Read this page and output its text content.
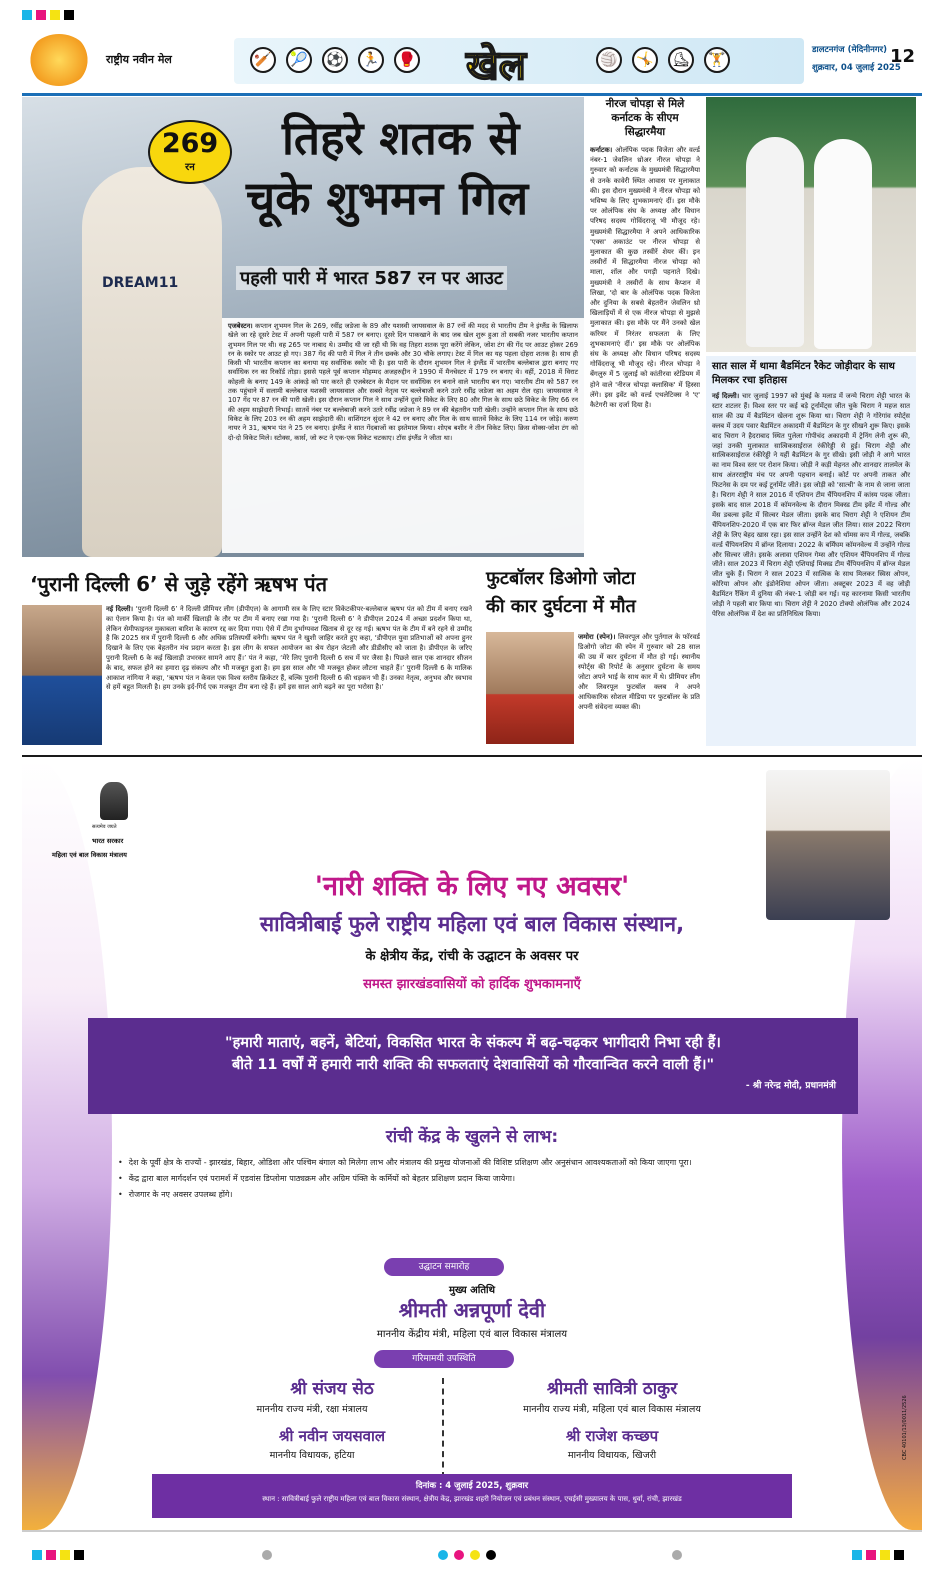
राष्ट्रीय नवीन मेल	🏏	🎾	⚽	🏃	🥊 खेल	🏐	🤸	⛸	🏋
डालटनगंज (मेदिनीनगर)
शुक्रवार, 04 जुलाई 2025
12
DREAM11
269
रन
तिहरे शतक से
चूके शुभमन गिल
पहली पारी में भारत 587 रन पर आउट

एजबेस्टन। कप्तान शुभमन गिल के 269, रवींद्र जडेजा के 89 और यशस्वी जायसवाल के 87 रनों की मदद से भारतीय टीम ने इंग्लैंड के खिलाफ खेले जा रहे दूसरे टेस्ट में अपनी पहली पारी में 587 रन बनाए। दूसरे दिन पाकखाने के बाद जब खेल शुरू हुआ तो सबकी नजर भारतीय कप्तान शुभमन गिल पर थी। वह 265 पर नाबाद थे। उम्मीद थी जा रही थी कि वह तिहरा शतक पूरा करेंगे लेकिन, जोश टंग की गेंद पर आउट होकर 269 रन के स्कोर पर आउट हो गए। 387 गेंद की पारी में गिल ने तीन छक्के और 30 चौके लगाए। टेस्ट में गिल का यह पहला दोहरा शतक है। साथ ही किसी भी भारतीय कप्तान का बनाया यह सर्वाधिक स्कोर भी है। इस पारी के दौरान शुभमन गिल ने इंग्लैंड में भारतीय बल्लेबाज द्वारा बनाए गए सर्वाधिक रन का रिकॉर्ड तोड़ा। इससे पहले पूर्व कप्तान मोहम्मद अजहरुद्दीन ने 1990 में मैनचेस्टर में 179 रन बनाए थे। वहीं, 2018 में विराट कोहली के बनाए 149 के आंकड़े को पार करते ही एजबेस्टन के मैदान पर सर्वाधिक रन बनाने वाले भारतीय बन गए। भारतीय टीम को 587 रन तक पहुंचाने में सलामी बल्लेबाज यशस्वी जायसवाल और सबसे नेतृत्व पर बल्लेबाजी करने उतरे रवींद्र जडेजा का अहम रोल रहा। जायसवाल ने 107 गेंद पर 87 रन की पारी खेली। इस दौरान कप्तान गिल ने साथ उन्होंने दूसरे विकेट के लिए 80 और गिल के साथ छठे विकेट के लिए 66 रन की अहम साझेदारी निभाई। सातवें नंबर पर बल्लेबाजी करने उतरे रवींद्र जडेजा ने 89 रन की बेहतरीन पारी खेली। उन्होंने कप्तान गिल के साथ छठे विकेट के लिए 203 रन की अहम साझेदारी की। वाशिंगटन सुंदर ने 42 रन बनाए और गिल के साथ सातवें विकेट के लिए 114 रन जोड़े। करुण नायर ने 31, ऋषभ पंत ने 25 रन बनाए। इंग्लैंड ने सात गेंदबाजों का इस्तेमाल किया। शोएब बशीर ने तीन विकेट लिए। क्रिस वोक्स-जोश टंग को दो-दो विकेट मिले। स्टोक्स, कार्स, जो रूट ने एक-एक विकेट चटकाए। टॉस इंग्लैंड ने जीता था।

नीरज चोपड़ा से मिले कर्नाटक के सीएम सिद्धारमैया

कर्नाटक। ओलंपिक पदक विजेता और वर्ल्ड नंबर-1 जेवलिन थ्रोअर नीरज चोपड़ा ने गुरुवार को कर्नाटक के मुख्यमंत्री सिद्धारमैया से उनके कावेरी स्थित आवास पर मुलाकात की। इस दौरान मुख्यमंत्री ने नीरज चोपड़ा को भविष्य के लिए शुभकामनाएं दीं। इस मौके पर ओलंपिक संघ के अध्यक्ष और विधान परिषद सदस्य गोविंदराजू भी मौजूद रहे। मुख्यमंत्री सिद्धारमैया ने अपने आधिकारिक 'एक्स' अकाउंट पर नीरज चोपड़ा से मुलाकात की कुछ तस्वीरें शेयर कीं। इन तस्वीरों में सिद्धारमैया नीरज चोपड़ा को माला, शॉल और पगड़ी पहनाते दिखे। मुख्यमंत्री ने तस्वीरों के साथ कैप्शन में लिखा, 'दो बार के ओलंपिक पदक विजेता और दुनिया के सबसे बेहतरीन जेवलिन थ्रो खिलाड़ियों में से एक नीरज चोपड़ा से मुझसे मुलाकात की। इस मौके पर मैंने उनको खेल करियर में निरंतर सफलता के लिए शुभकामनाएं दीं।' इस मौके पर ओलंपिक संघ के अध्यक्ष और विधान परिषद सदस्य गोविंदराजू भी मौजूद रहे। नीरज चोपड़ा ने बेंगलुरु में 5 जुलाई को कांतीरवा स्टेडियम में होने वाले 'नीरज चोपड़ा क्लासिक' में हिस्सा लेंगे। इस इवेंट को वर्ल्ड एथलेटिक्स ने 'ए' कैटेगरी का दर्जा दिया है।

सात साल में थामा बैडमिंटन रैकेट जोड़ीदार के साथ मिलकर रचा इतिहास

नई दिल्ली। चार जुलाई 1997 को मुंबई के मलाड में जन्मे चिराग शेट्टी भारत के स्टार शटलर हैं। विश्व स्तर पर कई बड़े टूर्नामेंट्स जीत चुके चिराग ने महज सात साल की उम्र में बैडमिंटन खेलना शुरू किया था। चिराग शेट्टी ने गोरेगांव स्पोर्ट्स क्लब में उदय पवार बैडमिंटन अकादमी में बैडमिंटन के गुर सीखने शुरू किए। इसके बाद चिराग ने हैदराबाद स्थित पुलेला गोपीचंद अकादमी में ट्रेनिंग लेनी शुरू की, जहां उनकी मुलाकात सात्विकसाईराज रंकीरेड्डी से हुई। चिराग शेट्टी और सात्विकसाईराज रंकीरेड्डी ने यहीं बैडमिंटन के गुर सीखे। इसी जोड़ी ने आगे भारत का नाम विश्व स्तर पर रोशन किया। जोड़ी ने कड़ी मेहनत और शानदार तालमेल के साथ अंतरराष्ट्रीय मंच पर अपनी पहचान बनाई। कोर्ट पर अपनी ताकत और फिटनेस के दम पर कई टूर्नामेंट जीते। इस जोड़ी को 'सात्ची' के नाम से जाना जाता है। चिराग शेट्टी ने साल 2016 में एशियन टीम चैंपियनशिप में कांस्य पदक जीता। इसके बाद साल 2018 में कॉमनवेल्थ के दौरान मिक्स्ड टीम इवेंट में गोल्ड और मेंस डबल्स इवेंट में सिल्वर मेडल जीता। इसके बाद चिराग शेट्टी ने एशियन टीम चैंपियनशिप-2020 में एक बार फिर ब्रॉन्ज मेडल जीत लिया। साल 2022 चिराग शेट्टी के लिए बेहद खास रहा। इस साल उन्होंने देश को थॉमस कप में गोल्ड, जबकि वर्ल्ड चैंपियनशिप में ब्रॉन्ज दिलाया। 2022 के बर्मिंघम कॉमनवेल्थ में उन्होंने गोल्ड और सिल्वर जीते। इसके अलावा एशियन गेम्स और एशियन चैंपियनशिप में गोल्ड जीते। साल 2023 में चिराग शेट्टी एशियाई मिक्स्ड टीम चैंपियनशिप में ब्रॉन्ज मेडल जीत चुके हैं। चिराग ने साल 2023 में सात्विक के साथ मिलकर स्विस ओपन, कोरिया ओपन और इंडोनेशिया ओपन जीता। अक्टूबर 2023 में वह जोड़ी बैडमिंटन रैंकिंग में दुनिया की नंबर-1 जोड़ी बन गई। यह कारनामा किसी भारतीय जोड़ी ने पहली बार किया था। चिराग शेट्टी ने 2020 टोक्यो ओलंपिक और 2024 पेरिस ओलंपिक में देश का प्रतिनिधित्व किया।

‘पुरानी दिल्ली 6’ से जुड़े रहेंगे ऋषभ पंत

नई दिल्ली। ‘पुरानी दिल्ली 6’ ने दिल्ली प्रीमियर लीग (डीपीएल) के आगामी सत्र के लिए स्टार विकेटकीपर-बल्लेबाज ऋषभ पंत को टीम में बनाए रखने का ऐलान किया है। पंत को मार्की खिलाड़ी के तौर पर टीम में बनाए रखा गया है। ‘पुरानी दिल्ली 6’ ने डीपीएल 2024 में अच्छा प्रदर्शन किया था, लेकिन सेमीफाइनल मुकाबला बारिश के कारण रद्द कर दिया गया। ऐसे में टीम दुर्भाग्यवश खिताब से दूर रह गई। ऋषभ पंत के टीम में बने रहने से उम्मीद है कि 2025 सत्र में पुरानी दिल्ली 6 और अधिक प्रतिस्पर्धी बनेगी। ऋषभ पंत ने खुशी जाहिर करते हुए कहा, ‘डीपीएल युवा प्रतिभाओं को अपना हुनर दिखाने के लिए एक बेहतरीन मंच प्रदान करता है। इस लीग के सफल आयोजन का श्रेय रोहन जेटली और डीडीसीए को जाता है। डीपीएल के जरिए पुरानी दिल्ली 6 के कई खिलाड़ी उभरकर सामने आए हैं।’ पंत ने कहा, ‘मेरे लिए पुरानी दिल्ली 6 सच में घर जैसा है। पिछले साल एक शानदार सीजन के बाद, सफल होने का हमारा दृढ़ संकल्प और भी मजबूत हुआ है। हम इस साल और भी मजबूत होकर लौटना चाहते हैं।’ पुरानी दिल्ली 6 के मालिक आकाश नांगिया ने कहा, ‘ऋषभ पंत न केवल एक विश्व स्तरीय क्रिकेटर हैं, बल्कि पुरानी दिल्ली 6 की धड़कन भी हैं। उनका नेतृत्व, अनुभव और स्वभाव से हमें बहुत मिलती है। हम उनके इर्द-गिर्द एक मजबूत टीम बना रहे हैं। हमें इस साल आगे बढ़ने का पूरा भरोसा है।’

फुटबॉलर डिओगो जोटा
की कार दुर्घटना में मौत

जमोरा (स्पेन)। लिवरपूल और पुर्तगाल के फॉरवर्ड डिओगो जोटा की स्पेन में गुरुवार को 28 साल की उम्र में कार दुर्घटना में मौत हो गई। स्थानीय स्पोर्ट्स की रिपोर्ट के अनुसार दुर्घटना के समय जोटा अपने भाई के साथ कार में थे। प्रीमियर लीग और लिवरपूल फुटबॉल क्लब ने अपने आधिकारिक सोशल मीडिया पर फुटबॉलर के प्रति अपनी संवेदना व्यक्त की।

सत्यमेव जयते
भारत सरकार
महिला एवं बाल विकास मंत्रालय
'नारी शक्ति के लिए नए अवसर'
सावित्रीबाई फुले राष्ट्रीय महिला एवं बाल विकास संस्थान,
के क्षेत्रीय केंद्र, रांची के उद्घाटन के अवसर पर
समस्त झारखंडवासियों को हार्दिक शुभकामनाएँ
"हमारी माताएं, बहनें, बेटियां, विकसित भारत के संकल्प में बढ़-चढ़कर भागीदारी निभा रही हैं।
बीते 11 वर्षों में हमारी नारी शक्ति की सफलताएं देशवासियों को गौरवान्वित करने वाली हैं।"
- श्री नरेन्द्र मोदी, प्रधानमंत्री
रांची केंद्र के खुलने से लाभ:
• देश के पूर्वी क्षेत्र के राज्यों - झारखंड, बिहार, ओडिशा और पश्चिम बंगाल को मिलेगा लाभ और मंत्रालय की प्रमुख योजनाओं की विशिष्ट प्रशिक्षण और अनुसंधान आवश्यकताओं को किया जाएगा पूरा।
• केंद्र द्वारा बाल मार्गदर्शन एवं परामर्श में एडवांस डिप्लोमा पाठ्यक्रम और अग्रिम पंक्ति के कर्मियों को बेहतर प्रशिक्षण प्रदान किया जायेगा।
• रोजगार के नए अवसर उपलब्ध होंगे।
उद्घाटन समारोह
मुख्य अतिथि
श्रीमती अन्नपूर्णा देवी
माननीय केंद्रीय मंत्री, महिला एवं बाल विकास मंत्रालय
गरिमामयी उपस्थिति
श्री संजय सेठ
माननीय राज्य मंत्री, रक्षा मंत्रालय
श्रीमती सावित्री ठाकुर
माननीय राज्य मंत्री, महिला एवं बाल विकास मंत्रालय
श्री नवीन जयसवाल
माननीय विधायक, हटिया
श्री राजेश कच्छप
माननीय विधायक, खिजरी
दिनांक : 4 जुलाई 2025, शुक्रवार
स्थान : सावित्रीबाई फुले राष्ट्रीय महिला एवं बाल विकास संस्थान, क्षेत्रीय केंद्र, झारखंड शहरी नियोजन एवं प्रबंधन संस्थान, एचईसी मुख्यालय के पास, धुर्वा, रांची, झारखंड
CBC 40101/13/0011/2526
